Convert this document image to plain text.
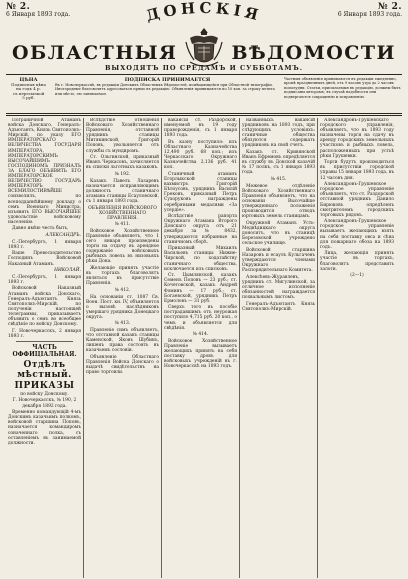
№ 2.
6 Января 1893 года.
№ 2.
6 Января 1893 года.
ДОНСКІЯ
ОБЛАСТНЫЯ	ВѢДОМОСТИ
ВЫХОДЯТЪ ПО СРЕДАМЪ И СУББОТАМЪ.
ЦѢНА
Подписная цѣна
на годъ 4 р.
съ пересылкой
5 руб.
ПОДПИСКА ПРИНИМАЕТСЯ
Въ г. Новочеркасскѣ, въ редакціи Донскихъ Областныхъ Вѣдомостей, помѣщающейся при Областной типографіи. Иногородные благоволятъ адресоваться прямо въ редакцію. Объявленія принимаются по 10 коп. за строку петита или мѣсто, ею занимаемое.
Частныя объявленія принимаются въ редакціи ежедневно, кромѣ праздничныхъ дней, отъ 9 часовъ утра до 2 часовъ пополудни. Статьи, присылаемыя въ редакцію, должны быть подписаны авторомъ; въ случаѣ надобности они подвергаются сокращенію и исправленію.

Пограничной Атаманъ войска Донскаго, Генералъ-Адъютантъ, Князь Святополкъ-Мирскій, по указу ЕГО ИМПЕРАТОРСКАГО ВЕЛИЧЕСТВА ГОСУДАРЯ ИМПЕРАТОРА, ИМПЕРАТОРСКИМЪ ВЫСОЧАЙШИМЪ ГОСПОДИНОМЪ ПРИЗНАЛЪ ЗА БЛАГО ОБЪЯВИТЬ ЕГО ИМПЕРАТОРСКОЕ ВЕЛИЧЕСТВО ГОСУДАРЬ ИМПЕРАТОРЪ ВСЕМИЛОСТИВѢЙШЕ соизволилъ, по всеподданнѣйшему докладу о семъ Военнаго Министра, изъявить ЕГО ВЫСОЧАЙШЕЕ удовольствіе войсковому населенію.

Давно имѣю честь быть,

АЛЕКСАНДРЪ.

С.-Петербургъ, 1 января 1893 г.

Ваше Превосходительство Господинъ Войсковой Наказный Атаманъ.

НИКОЛАЙ.

С.-Петербургъ, 1 января 1893 г.

Войсковой Наказный Атаманъ войска Донскаго, Генералъ-Адъютантъ Князь Святополкъ-Мирскій, по полученіи настоящей телеграммы, приказываетъ объявить о семъ во всеобщее свѣдѣніе по войску Донскому.

Г. Новочеркасскъ, 2 января 1893 г.

ЧАСТЬ ОФФИЦІАЛЬНАЯ.

Отдѣлъ мѣстный.

ПРИКАЗЫ

по войску Донскому.

Г. Новочеркасскъ, № 190, 2 декабря 1892 года.

Временно командующій 4-мъ Донскимъ казачьимъ полкомъ, войсковой старшина Поповъ, назначается командиромъ означеннаго полка, съ оставленіемъ въ занимаемой должности.

Вслѣдствіе отношенія Войсковаго Хозяйственнаго Правленія, отставной урядникъ станицы Митякинской, Григорій Поповъ, увольняется отъ службы съ мундиромъ.

Ст. Ольгинской, приказный Иванъ Черкасовъ, зачисляется въ списки льготныхъ казаковъ.

№ 192.

Казакъ Павелъ Лазаревъ назначается исправляющимъ должность станичнаго атамана станицы Есауловской, съ 1 января 1893 года.

ОБЪЯВЛЕНІЯ ВОЙСКОВОГО ХОЗЯЙСТВЕННАГО ПРАВЛЕНІЯ.

№ 411.

Войсковое Хозяйственное Правленіе объявляетъ, что 1 сего января произведены торги на отдачу въ арендное содержаніе войсковыхъ рыбныхъ ловель въ низовьяхъ рѣки Дона.

Желающіе принять участіе въ торгахъ благоволятъ являться въ присутствіе Правленія.

№ 412.

На основаніи ст. 1087 Св. Воен. Пост. кн. IV, объявляется о вызовѣ наслѣдниковъ умершаго урядника Донецкаго округа.

№ 413.

Правленіе симъ объявляетъ, что отставной казакъ станицы Каменской, Яковъ Шубинъ, лишенъ права состоять въ казачьемъ сословіи.

Объявленіе Областнаго Правленія Войска Донскаго о выдачѣ свидѣтельствъ на право торговли.

вакансіи ст. Раздорской, именуемой въ 19 году праворожденія, съ 1 января 1893 года.

Въ казну поступило: изъ Областнаго Казначейства 12,490 руб. 68 коп.; изъ Черкасскаго Окружнаго Казначейства 2,136 руб. 41 коп.

Станичный атаманъ Егорлыкской станицы вахмистръ Григорій Бѣлоусовъ, урядникъ Василій Грековъ, приказный Петръ Сухоруковъ награждены серебряными медалями «За усердіе».

Вслѣдствіе рапорта Окружнаго Атамана Второго Донскаго округа отъ 21 декабря за № 8432, утверждаются избранные на станичномъ сборѣ.

Приказный Михаилъ Васильевъ станицы Нижне-Чирской, по ходатайству станичнаго общества, исключается изъ списковъ.

Ст. Цымлянской, казакъ Семенъ Поповъ — 23 руб.; ст. Кочетовской, казакъ Андрей Фоминъ — 17 руб.; ст. Богаевской, урядникъ Петръ Ермоловъ — 31 руб.

Сверхъ того въ пособіе пострадавшимъ отъ неурожая поступило 4,715 руб. 20 коп., о чемъ и объявляется для свѣдѣнія.

№ 414.

Войсковое Хозяйственное Правленіе вызываетъ желающихъ принять на себя поставку дровъ для войсковыхъ учрежденій въ г. Новочеркасскѣ на 1893 годъ.

названныхъ вакансій урядниковъ на 1893 годъ, при слѣдующихъ условіяхъ: станичные общества обязуются содержать урядниковъ на свой счетъ.

Казакъ ст. Кривянской Иванъ Ефремовъ опредѣляется въ службу въ Донской казачій № 17 полкъ, съ 1 января 1893 года.

№ 415.

Межевое отдѣленіе Войсковаго Хозяйственнаго Правленія объявляетъ, что на основаніи Высочайше утвержденнаго положенія производится отводъ юртовыхъ земель станицамъ.

Окружной Атаманъ Усть-Медвѣдицкаго округа доноситъ, что въ станицѣ Березовской учреждено сельское училище.

Войсковой старшина Назаровъ и есаулъ Кульгачевъ утверждаются членами Окружнаго Распорядительнаго Комитета.

Алексѣевъ-Журавлевъ, урядникъ ст. Мигулинской, за отличное исполненіе обязанностей награждается похвальнымъ листомъ.

Генералъ-Адъютантъ Князь Святополкъ-Мирскій.

Александровъ-Грушевскаго городского управленія, объявляетъ, что въ 1893 году назначены торги на сдачу въ аренду городскихъ земельныхъ участковъ и рыбныхъ ловель, расположенныхъ при устьѣ рѣки Грушевки.

Торги будутъ производиться въ присутствіи городской управы 15 января 1893 года, въ 12 часовъ дня.

Александровъ-Грушевское городское управленіе объявляетъ, что ст. Раздорской отставной урядникъ Данило Бирюковъ опредѣленъ смотрителемъ городскихъ торговыхъ рядовъ.

Александровъ-Грушевское городское управленіе вызываетъ желающихъ взять на себя поставку овса и сѣна для пожарнаго обоза на 1893 годъ.

Лица, желающія принять участіе въ торгахъ, благоволятъ представить залоги.

(2—1)
